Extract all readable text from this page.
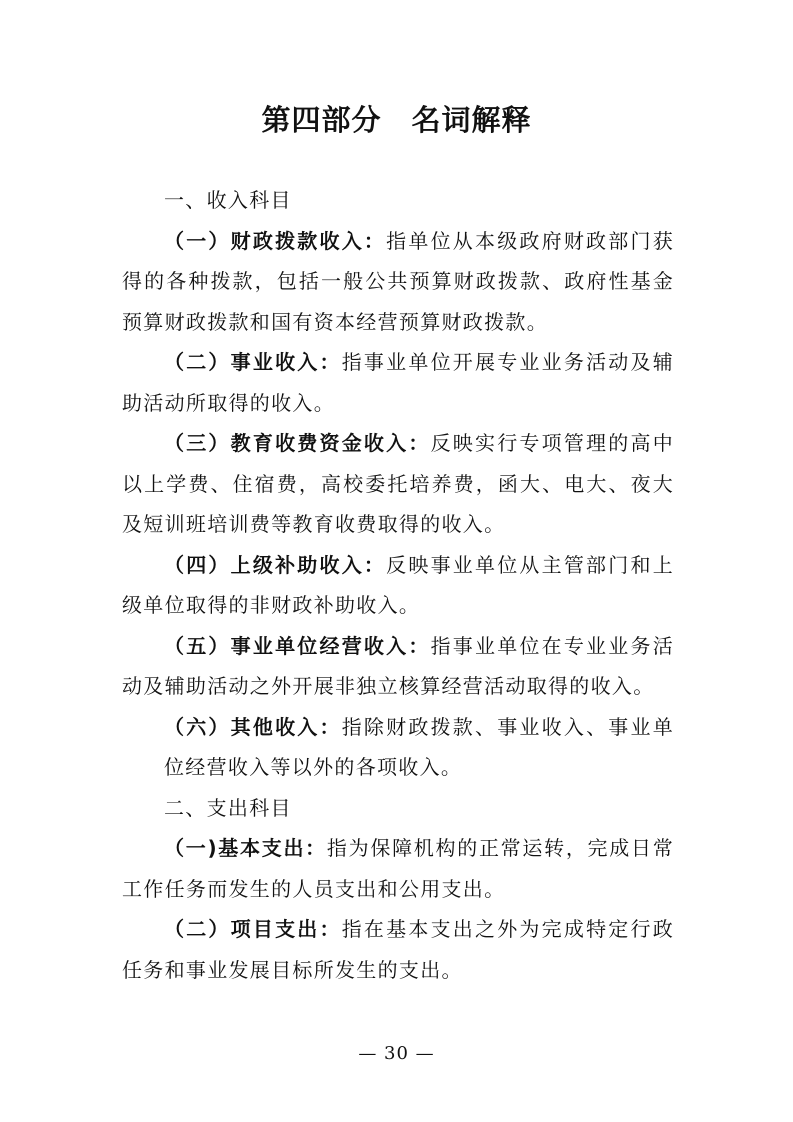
第四部分　名词解释

一、收入科目

（一）财政拨款收入：指单位从本级政府财政部门获得的各种拨款，包括一般公共预算财政拨款、政府性基金预算财政拨款和国有资本经营预算财政拨款。

（二）事业收入：指事业单位开展专业业务活动及辅助活动所取得的收入。

（三）教育收费资金收入：反映实行专项管理的高中以上学费、住宿费，高校委托培养费，函大、电大、夜大及短训班培训费等教育收费取得的收入。

（四）上级补助收入：反映事业单位从主管部门和上级单位取得的非财政补助收入。

（五）事业单位经营收入：指事业单位在专业业务活动及辅助活动之外开展非独立核算经营活动取得的收入。

（六）其他收入：指除财政拨款、事业收入、事业单位经营收入等以外的各项收入。

二、支出科目

（一)基本支出：指为保障机构的正常运转，完成日常工作任务而发生的人员支出和公用支出。

（二）项目支出：指在基本支出之外为完成特定行政任务和事业发展目标所发生的支出。

— 30 —
